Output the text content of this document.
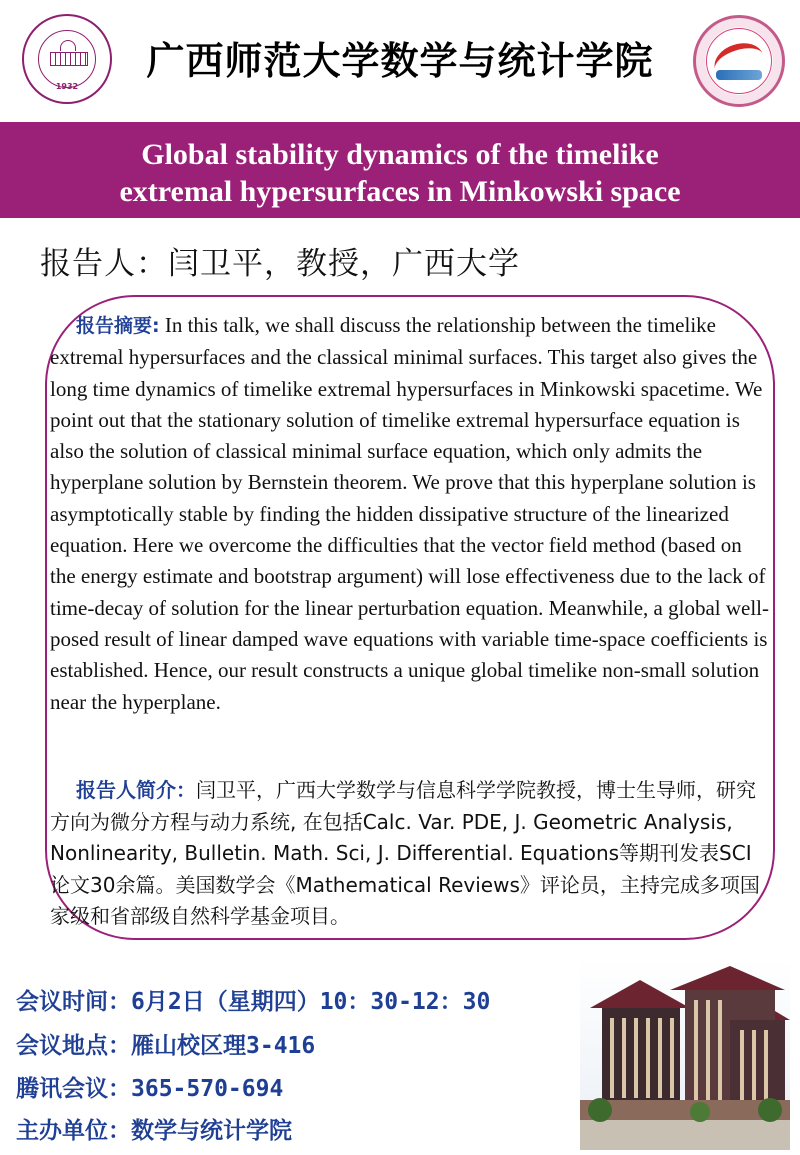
1932
广西师范大学数学与统计学院
Global stability dynamics of the timelike
extremal hypersurfaces in Minkowski space
报告人：闫卫平，教授，广西大学
报告摘要: In this talk, we shall discuss the relationship between the timelike extremal hypersurfaces and the classical minimal surfaces. This target also gives the long time dynamics of timelike extremal hypersurfaces in Minkowski spacetime. We point out that the stationary solution of timelike extremal hypersurface equation is also the solution of classical minimal surface equation, which only admits the hyperplane solution by Bernstein theorem. We prove that this hyperplane solution is asymptotically stable by finding the hidden dissipative structure of the linearized equation. Here we overcome the difficulties that the vector field method (based on the energy estimate and bootstrap argument) will lose effectiveness due to the lack of time-decay of solution for the linear perturbation equation. Meanwhile, a global well-posed result of linear damped wave equations with variable time-space coefficients is established. Hence, our result constructs a unique global timelike non-small solution near the hyperplane.
报告人简介：闫卫平，广西大学数学与信息科学学院教授，博士生导师，研究方向为微分方程与动力系统, 在包括Calc. Var. PDE, J. Geometric Analysis, Nonlinearity, Bulletin. Math. Sci, J. Differential. Equations等期刊发表SCI论文30余篇。美国数学会《Mathematical Reviews》评论员，主持完成多项国家级和省部级自然科学基金项目。
会议时间：6月2日（星期四）10：30-12：30
会议地点：雁山校区理3-416
腾讯会议：365-570-694
主办单位：数学与统计学院
